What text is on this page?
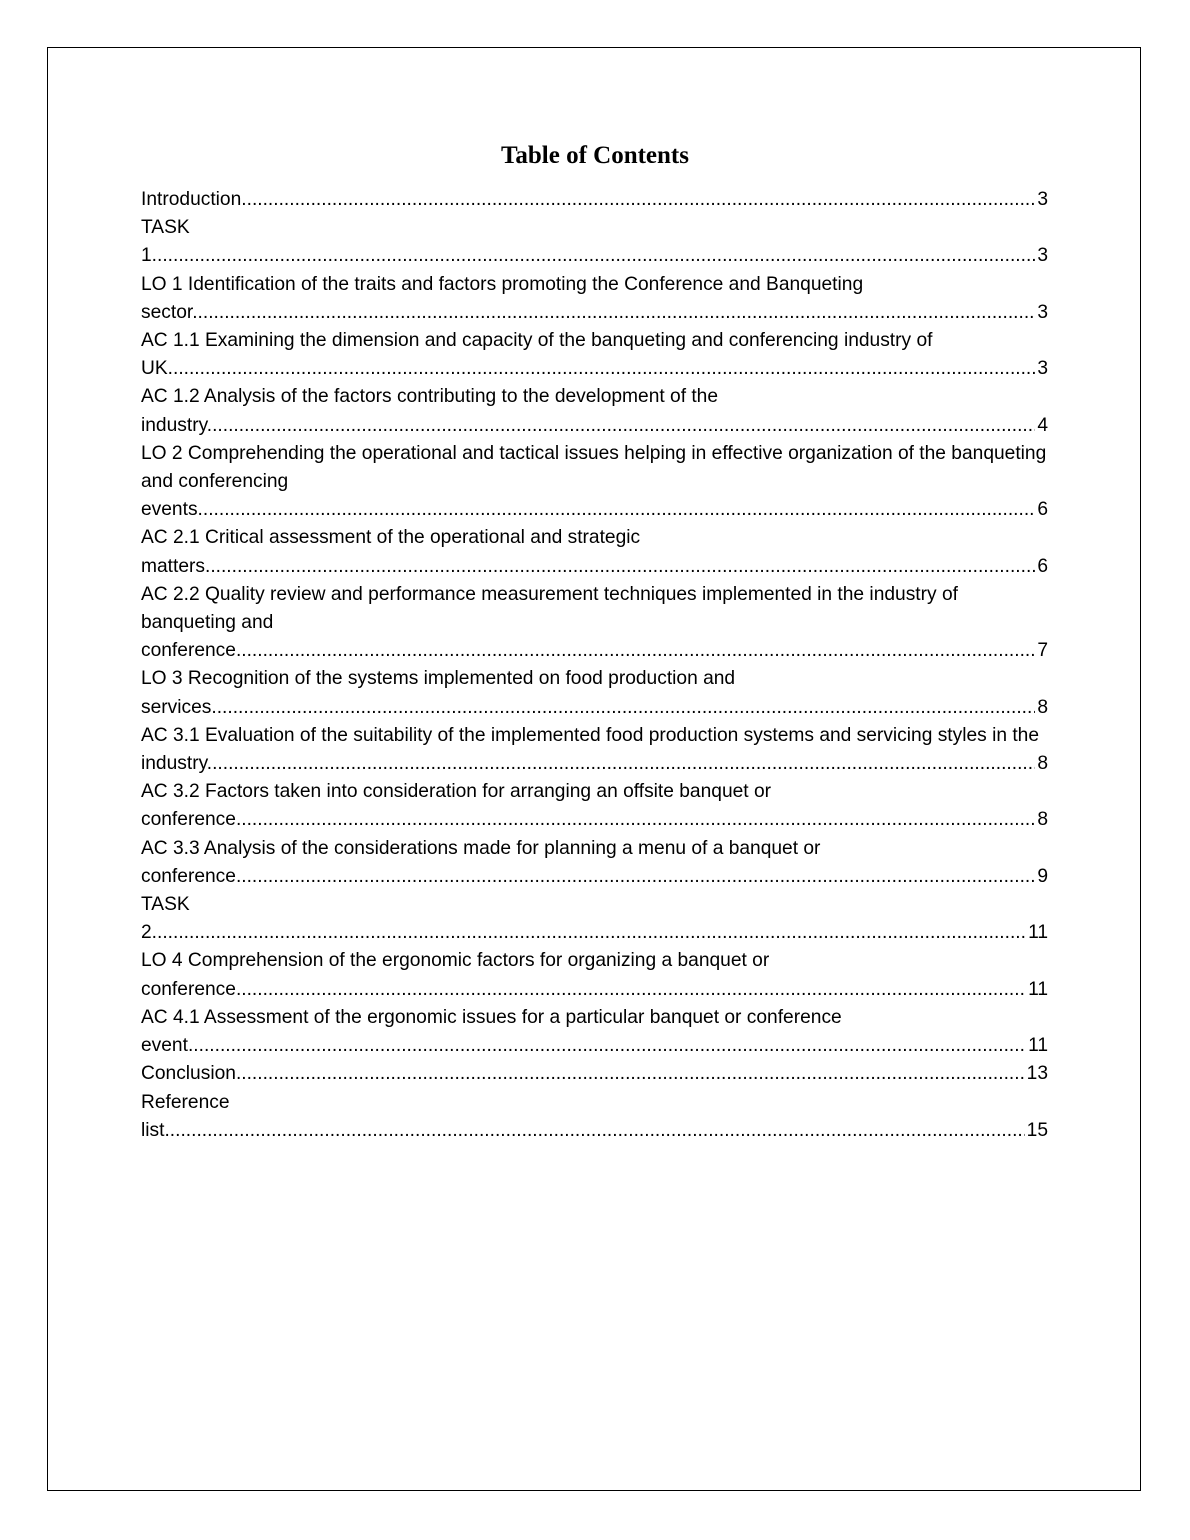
Table of Contents
Introduction .....	3
TASK 1 .....	3
LO 1 Identification of the traits and factors promoting the Conference and Banqueting sector .....	3
AC 1.1 Examining the dimension and capacity of the banqueting and conferencing industry of UK .....	3
AC 1.2 Analysis of the factors contributing to the development of the industry .....	4
LO 2 Comprehending the operational and tactical issues helping in effective organization of the banqueting and conferencing events .....	6
AC 2.1 Critical assessment of the operational and strategic matters .....	6
AC 2.2 Quality review and performance measurement techniques implemented in the industry of banqueting and conference .....	7
LO 3 Recognition of the systems implemented on food production and services .....	8
AC 3.1 Evaluation of the suitability of the implemented food production systems and servicing styles in the industry .....	8
AC 3.2 Factors taken into consideration for arranging an offsite banquet or conference .....	8
AC 3.3 Analysis of the considerations made for planning a menu of a banquet or conference .....	9
TASK 2 .....	11
LO 4 Comprehension of the ergonomic factors for organizing a banquet or conference .....	11
AC 4.1 Assessment of the ergonomic issues for a particular banquet or conference event .....	11
Conclusion .....	13
Reference list .....	15
